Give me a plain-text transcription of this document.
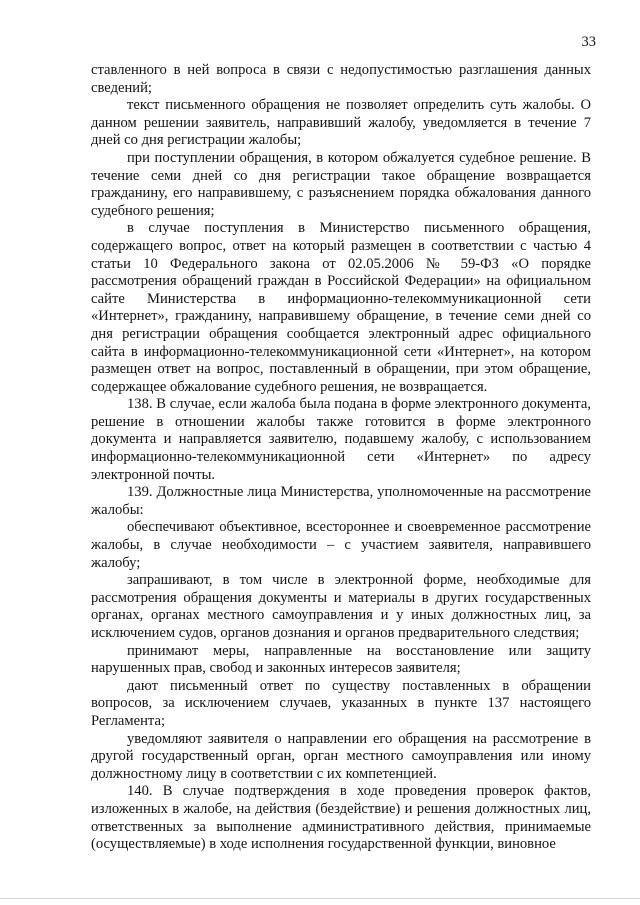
33

ставленного в ней вопроса в связи с недопустимостью разглашения данных сведений;

текст письменного обращения не позволяет определить суть жалобы. О данном решении заявитель, направивший жалобу, уведомляется в течение 7 дней со дня регистрации жалобы;

при поступлении обращения, в котором обжалуется судебное решение. В течение семи дней со дня регистрации такое обращение возвращается гражданину, его направившему, с разъяснением порядка обжалования данного судебного решения;

в случае поступления в Министерство письменного обращения, содержащего вопрос, ответ на который размещен в соответствии с частью 4 статьи 10 Федерального закона от 02.05.2006 № 59-ФЗ «О порядке рассмотрения обращений граждан в Российской Федерации» на официальном сайте Министерства в информационно-телекоммуникационной сети «Интернет», гражданину, направившему обращение, в течение семи дней со дня регистрации обращения сообщается электронный адрес официального сайта в информационно-телекоммуникационной сети «Интернет», на котором размещен ответ на вопрос, поставленный в обращении, при этом обращение, содержащее обжалование судебного решения, не возвращается.

138. В случае, если жалоба была подана в форме электронного документа, решение в отношении жалобы также готовится в форме электронного документа и направляется заявителю, подавшему жалобу, с использованием информационно-телекоммуникационной сети «Интернет» по адресу электронной почты.

139. Должностные лица Министерства, уполномоченные на рассмотрение жалобы:

обеспечивают объективное, всестороннее и своевременное рассмотрение жалобы, в случае необходимости – с участием заявителя, направившего жалобу;

запрашивают, в том числе в электронной форме, необходимые для рассмотрения обращения документы и материалы в других государственных органах, органах местного самоуправления и у иных должностных лиц, за исключением судов, органов дознания и органов предварительного следствия;

принимают меры, направленные на восстановление или защиту нарушенных прав, свобод и законных интересов заявителя;

дают письменный ответ по существу поставленных в обращении вопросов, за исключением случаев, указанных в пункте 137 настоящего Регламента;

уведомляют заявителя о направлении его обращения на рассмотрение в другой государственный орган, орган местного самоуправления или иному должностному лицу в соответствии с их компетенцией.

140. В случае подтверждения в ходе проведения проверок фактов, изложенных в жалобе, на действия (бездействие) и решения должностных лиц, ответственных за выполнение административного действия, принимаемые (осуществляемые) в ходе исполнения государственной функции, виновное
